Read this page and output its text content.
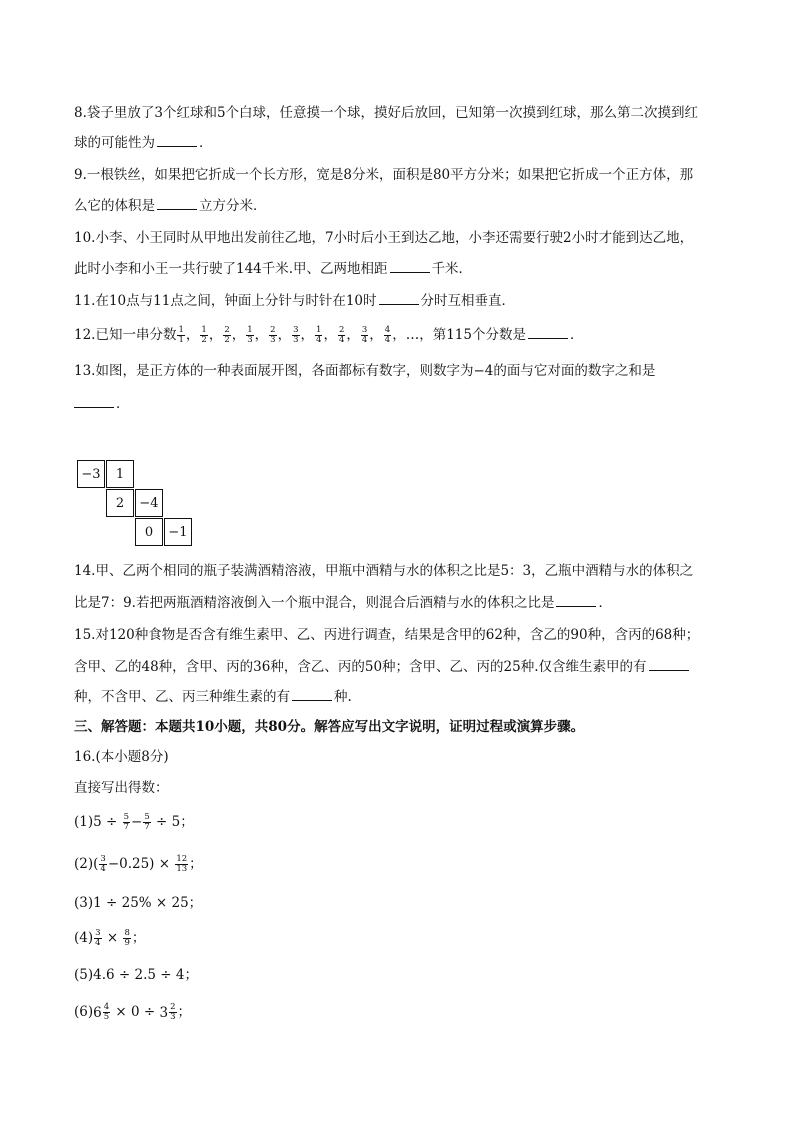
8.袋子里放了3个红球和5个白球，任意摸一个球，摸好后放回，已知第一次摸到红球，那么第二次摸到红
球的可能性为	．
9.一根铁丝，如果把它折成一个长方形，宽是8分米，面积是80平方分米；如果把它折成一个正方体，那
么它的体积是	立方分米．
10.小李、小王同时从甲地出发前往乙地，7小时后小王到达乙地，小李还需要行驶2小时才能到达乙地，
此时小李和小王一共行驶了144千米.甲、乙两地相距	千米．
11.在10点与11点之间，钟面上分针与时针在10时	分时互相垂直．
12.已知一串分数 $\frac{1}{1}$ ， $\frac{1}{2}$ ， $\frac{2}{2}$ ， $\frac{1}{3}$ ， $\frac{2}{3}$ ， $\frac{3}{3}$ ， $\frac{1}{4}$ ， $\frac{2}{4}$ ， $\frac{3}{4}$ ， $\frac{4}{4}$ ，…，第115个分数是	．
13.如图，是正方体的一种表面展开图，各面都标有数字，则数字为−4的面与它对面的数字之和是
．
−3	1
2	−4
0	−1
14.甲、乙两个相同的瓶子装满酒精溶液，甲瓶中酒精与水的体积之比是5：3，乙瓶中酒精与水的体积之
比是7：9.若把两瓶酒精溶液倒入一个瓶中混合，则混合后酒精与水的体积之比是	．
15.对120种食物是否含有维生素甲、乙、丙进行调查，结果是含甲的62种，含乙的90种，含丙的68种；
含甲、乙的48种，含甲、丙的36种，含乙、丙的50种；含甲、乙、丙的25种.仅含维生素甲的有
种，不含甲、乙、丙三种维生素的有	种.
三、解答题：本题共10小题，共80分。解答应写出文字说明，证明过程或演算步骤。
16.(本小题8分)
直接写出得数：
$(1)5 \div \frac{5}{7} - \frac{5}{7} \div 5$；
$(2)( \frac{3}{4} -0.25) \times \frac{12}{13}$ ；
(3)1 ÷ 25% × 25；
$(4) \frac{3}{4} \times \frac{8}{9}$ ；
(5)4.6 ÷ 2.5 ÷ 4；
(6) $6 \frac{4}{5} \times 0 \div 3 \frac{2}{3}$ ；
